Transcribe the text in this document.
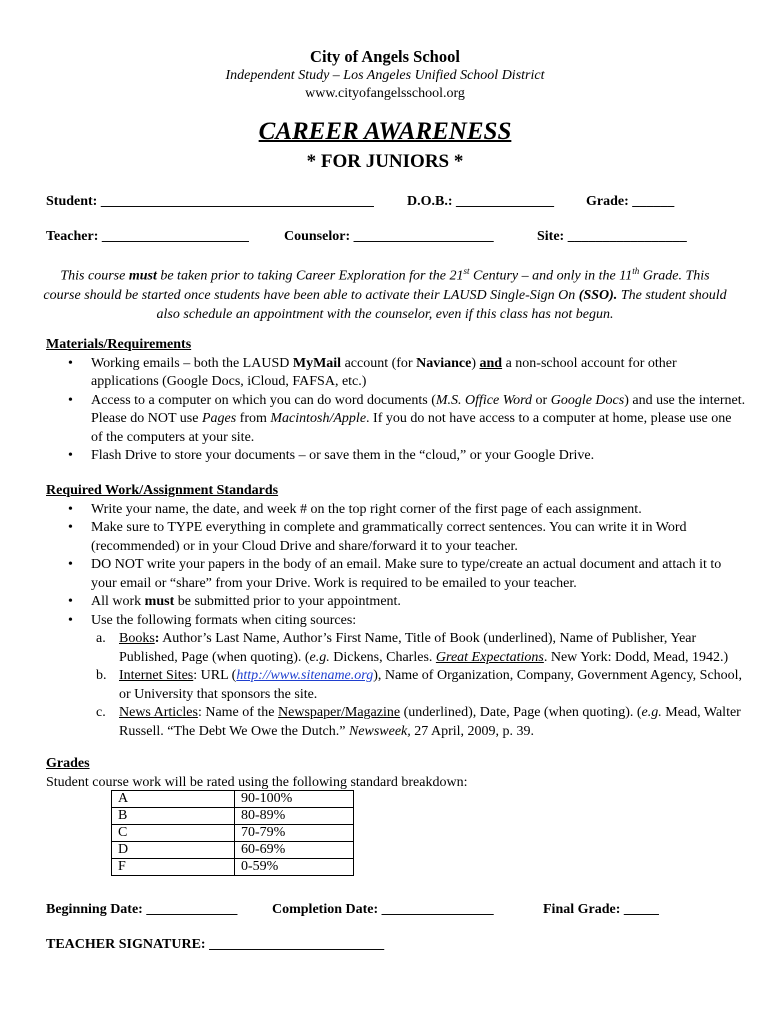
City of Angels School
Independent Study – Los Angeles Unified School District
www.cityofangelsschool.org
CAREER AWARENESS
* FOR JUNIORS *
Student: _______________________________________ D.O.B.: ______________ Grade: ______
Teacher: _____________________	Counselor: ____________________	Site: _________________
This course must be taken prior to taking Career Exploration for the 21st Century – and only in the 11th Grade. This course should be started once students have been able to activate their LAUSD Single-Sign On (SSO). The student should also schedule an appointment with the counselor, even if this class has not begun.
Materials/Requirements
• Working emails – both the LAUSD MyMail account (for Naviance) and a non-school account for other applications (Google Docs, iCloud, FAFSA, etc.)
• Access to a computer on which you can do word documents (M.S. Office Word or Google Docs) and use the internet. Please do NOT use Pages from Macintosh/Apple. If you do not have access to a computer at home, please use one of the computers at your site.
• Flash Drive to store your documents – or save them in the “cloud,” or your Google Drive.
Required Work/Assignment Standards
• Write your name, the date, and week # on the top right corner of the first page of each assignment.
• Make sure to TYPE everything in complete and grammatically correct sentences. You can write it in Word (recommended) or in your Cloud Drive and share/forward it to your teacher.
• DO NOT write your papers in the body of an email. Make sure to type/create an actual document and attach it to your email or “share” from your Drive. Work is required to be emailed to your teacher.
• All work must be submitted prior to your appointment.
• Use the following formats when citing sources:
a. Books: Author’s Last Name, Author’s First Name, Title of Book (underlined), Name of Publisher, Year Published, Page (when quoting). (e.g. Dickens, Charles. Great Expectations. New York: Dodd, Mead, 1942.)
b. Internet Sites: URL (http://www.sitename.org), Name of Organization, Company, Government Agency, School, or University that sponsors the site.
c. News Articles: Name of the Newspaper/Magazine (underlined), Date, Page (when quoting). (e.g. Mead, Walter Russell. “The Debt We Owe the Dutch.” Newsweek, 27 April, 2009, p. 39.
Grades
Student course work will be rated using the following standard breakdown:
A	90-100%
B	80-89%
C	70-79%
D	60-69%
F	0-59%
Beginning Date: _____________ Completion Date: ________________	Final Grade: _____
TEACHER SIGNATURE: _________________________
